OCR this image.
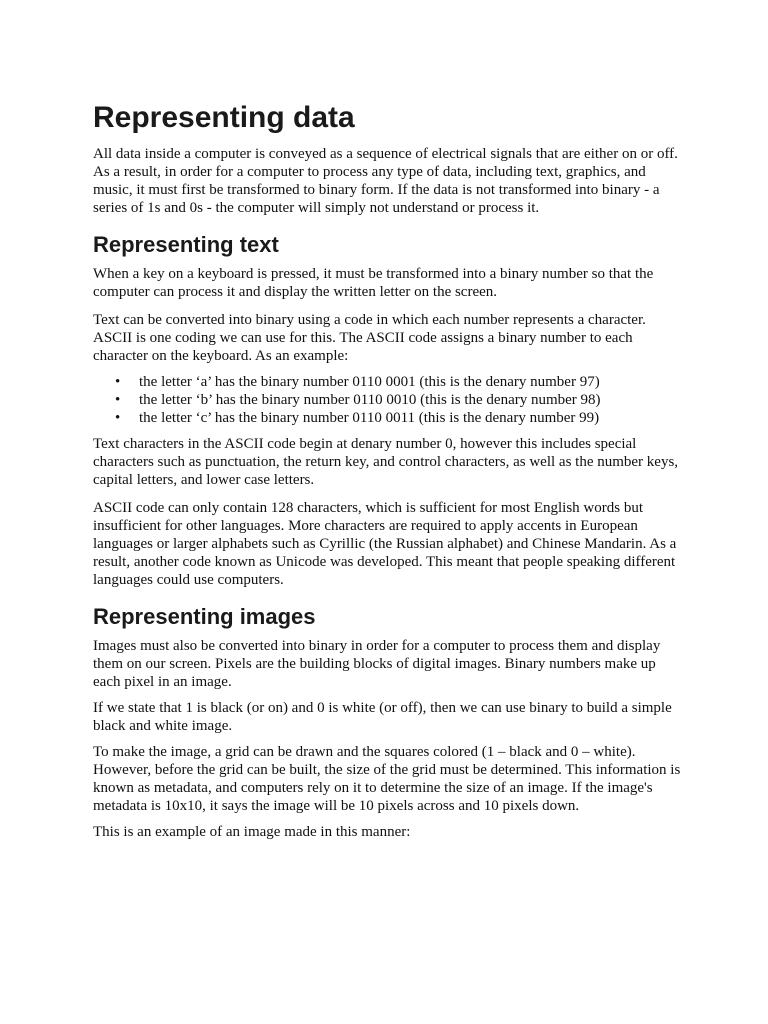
Representing data

All data inside a computer is conveyed as a sequence of electrical signals that are either on or off. As a result, in order for a computer to process any type of data, including text, graphics, and music, it must first be transformed to binary form. If the data is not transformed into binary - a series of 1s and 0s - the computer will simply not understand or process it.

Representing text

When a key on a keyboard is pressed, it must be transformed into a binary number so that the computer can process it and display the written letter on the screen.

Text can be converted into binary using a code in which each number represents a character. ASCII is one coding we can use for this. The ASCII code assigns a binary number to each character on the keyboard. As an example:

• the letter ‘a’ has the binary number 0110 0001 (this is the denary number 97)
• the letter ‘b’ has the binary number 0110 0010 (this is the denary number 98)
• the letter ‘c’ has the binary number 0110 0011 (this is the denary number 99)

Text characters in the ASCII code begin at denary number 0, however this includes special characters such as punctuation, the return key, and control characters, as well as the number keys, capital letters, and lower case letters.

ASCII code can only contain 128 characters, which is sufficient for most English words but insufficient for other languages. More characters are required to apply accents in European languages or larger alphabets such as Cyrillic (the Russian alphabet) and Chinese Mandarin. As a result, another code known as Unicode was developed. This meant that people speaking different languages could use computers.

Representing images

Images must also be converted into binary in order for a computer to process them and display them on our screen. Pixels are the building blocks of digital images. Binary numbers make up each pixel in an image.

If we state that 1 is black (or on) and 0 is white (or off), then we can use binary to build a simple black and white image.

To make the image, a grid can be drawn and the squares colored (1 – black and 0 – white). However, before the grid can be built, the size of the grid must be determined. This information is known as metadata, and computers rely on it to determine the size of an image. If the image's metadata is 10x10, it says the image will be 10 pixels across and 10 pixels down.

This is an example of an image made in this manner:
